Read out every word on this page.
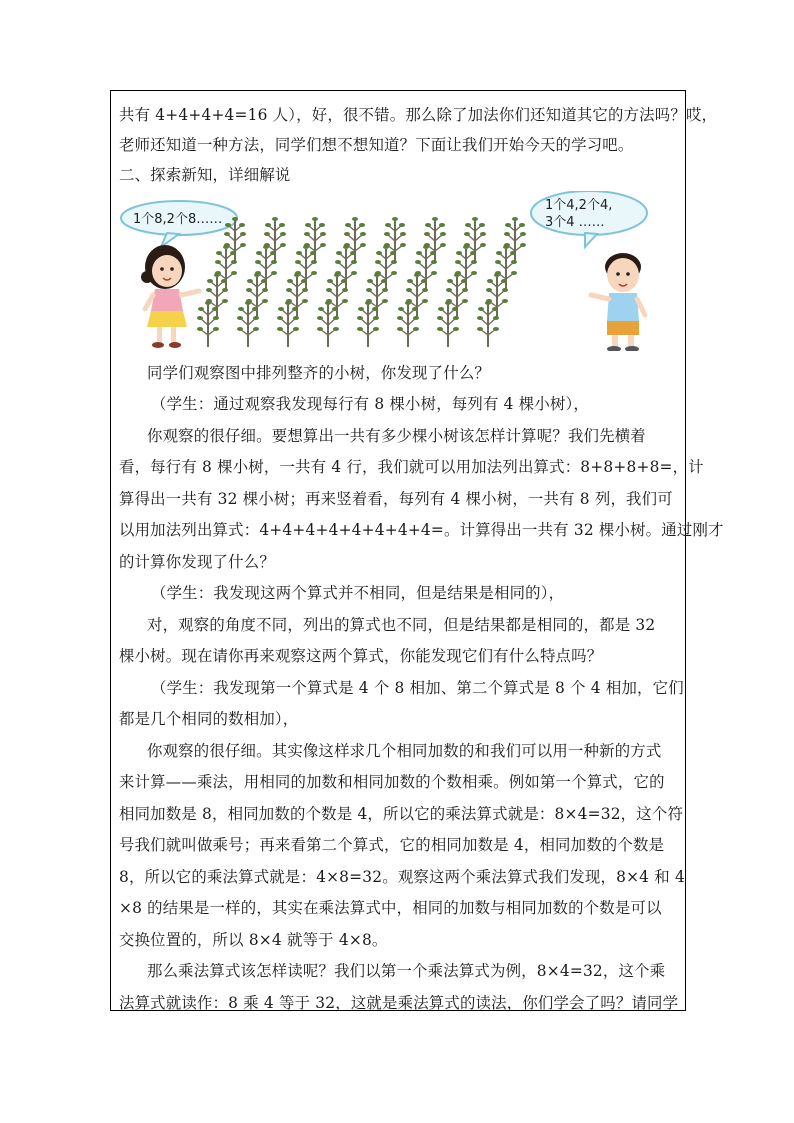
共有 4+4+4+4=16 人），好，很不错。那么除了加法你们还知道其它的方法吗？哎，
老师还知道一种方法，同学们想不想知道？下面让我们开始今天的学习吧。
二、探索新知，详细解说
1个8,2个8……
1个4,2个4,
3个4 ……
同学们观察图中排列整齐的小树，你发现了什么？
（学生：通过观察我发现每行有 8 棵小树，每列有 4 棵小树），
你观察的很仔细。要想算出一共有多少棵小树该怎样计算呢？我们先横着
看，每行有 8 棵小树，一共有 4 行，我们就可以用加法列出算式：8+8+8+8=，计
算得出一共有 32 棵小树；再来竖着看，每列有 4 棵小树，一共有 8 列，我们可
以用加法列出算式：4+4+4+4+4+4+4+4=。计算得出一共有 32 棵小树。通过刚才
的计算你发现了什么？
（学生：我发现这两个算式并不相同，但是结果是相同的），
对，观察的角度不同，列出的算式也不同，但是结果都是相同的，都是 32
棵小树。现在请你再来观察这两个算式，你能发现它们有什么特点吗？
（学生：我发现第一个算式是 4 个 8 相加、第二个算式是 8 个 4 相加，它们
都是几个相同的数相加），
你观察的很仔细。其实像这样求几个相同加数的和我们可以用一种新的方式
来计算——乘法，用相同的加数和相同加数的个数相乘。例如第一个算式，它的
相同加数是 8，相同加数的个数是 4，所以它的乘法算式就是：8×4=32，这个符
号我们就叫做乘号；再来看第二个算式，它的相同加数是 4，相同加数的个数是
8，所以它的乘法算式就是：4×8=32。观察这两个乘法算式我们发现，8×4 和 4
×8 的结果是一样的，其实在乘法算式中，相同的加数与相同加数的个数是可以
交换位置的，所以 8×4 就等于 4×8。
那么乘法算式该怎样读呢？我们以第一个乘法算式为例，8×4=32，这个乘
法算式就读作：8 乘 4 等于 32，这就是乘法算式的读法，你们学会了吗？请同学
